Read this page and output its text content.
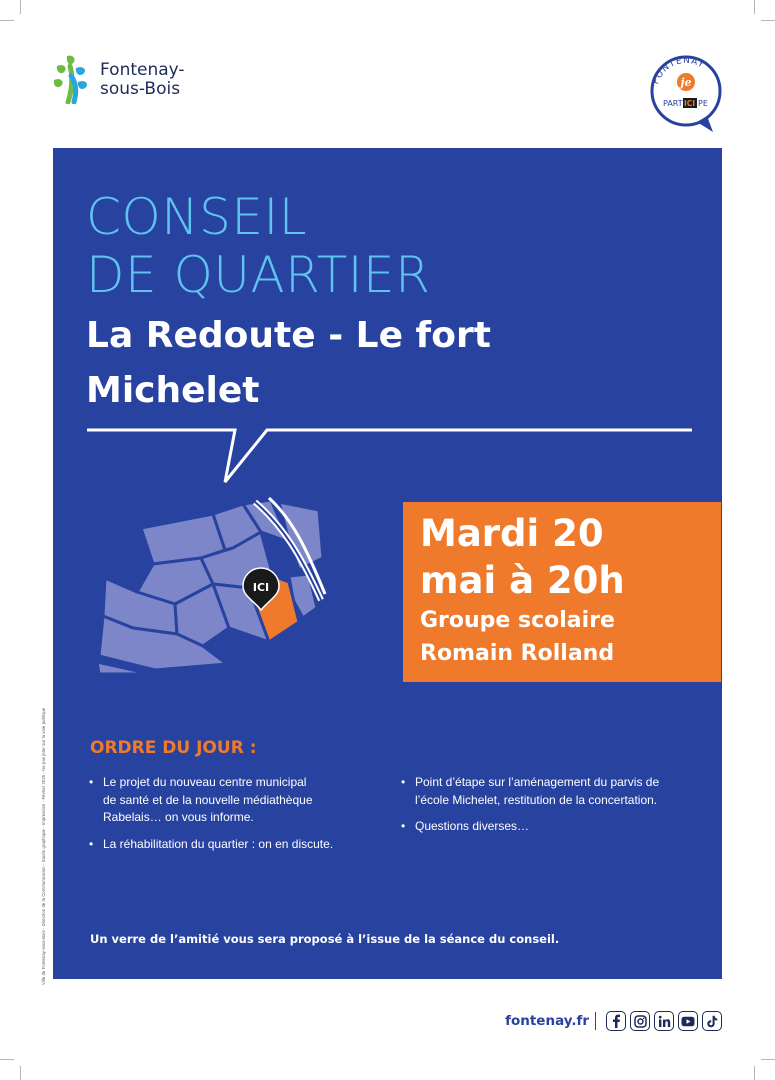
Fontenay-
sous-Bois	FONTENAY
je
PART ICI PE
CONSEIL
DE QUARTIER
La Redoute - Le fort
Michelet
ICI
Mardi 20
mai à 20h
Groupe scolaire
Romain Rolland
ORDRE DU JOUR :
• Le projet du nouveau centre municipal
de santé et de la nouvelle médiathèque
Rabelais… on vous informe.
• La réhabilitation du quartier : on en discute.
• Point d’étape sur l’aménagement du parvis de
l’école Michelet, restitution de la concertation.
• Questions diverses…
Un verre de l’amitié vous sera proposé à l’issue de la séance du conseil.
Ville de Fontenay-sous-Bois - Direction de la Communication - Studio graphique - Impression - Février 2025 - Ne pas jeter sur la voie publique
fontenay.fr
